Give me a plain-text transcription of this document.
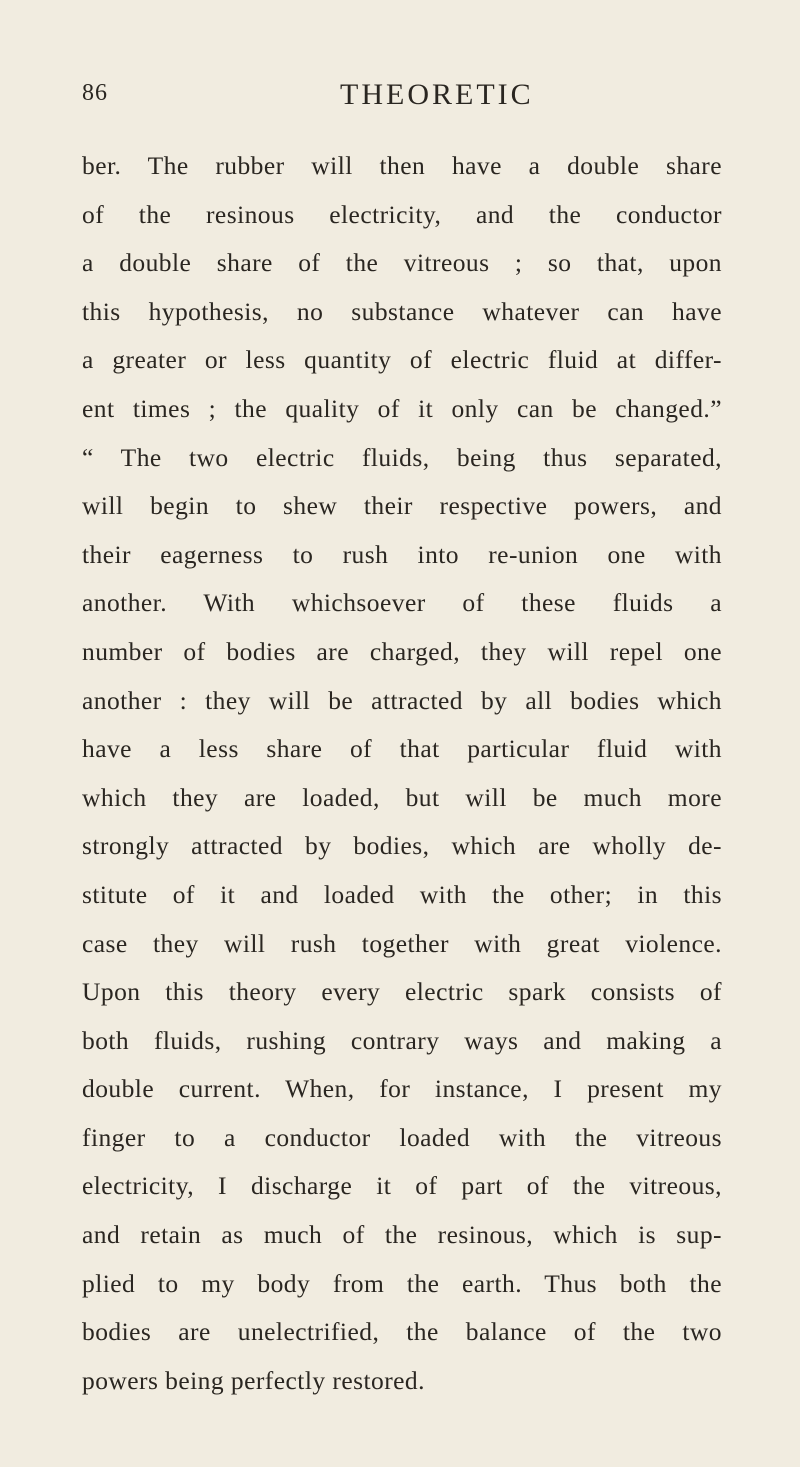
86	THEORETIC
ber. The rubber will then have a double share
of the resinous electricity, and the conductor
a double share of the vitreous ; so that, upon
this hypothesis, no substance whatever can have
a greater or less quantity of electric fluid at differ-
ent times ; the quality of it only can be changed.”
“ The two electric fluids, being thus separated,
will begin to shew their respective powers, and
their eagerness to rush into re-union one with
another. With whichsoever of these fluids a
number of bodies are charged, they will repel one
another : they will be attracted by all bodies which
have a less share of that particular fluid with
which they are loaded, but will be much more
strongly attracted by bodies, which are wholly de-
stitute of it and loaded with the other; in this
case they will rush together with great violence.
Upon this theory every electric spark consists of
both fluids, rushing contrary ways and making a
double current. When, for instance, I present my
finger to a conductor loaded with the vitreous
electricity, I discharge it of part of the vitreous,
and retain as much of the resinous, which is sup-
plied to my body from the earth. Thus both the
bodies are unelectrified, the balance of the two
powers being perfectly restored.
